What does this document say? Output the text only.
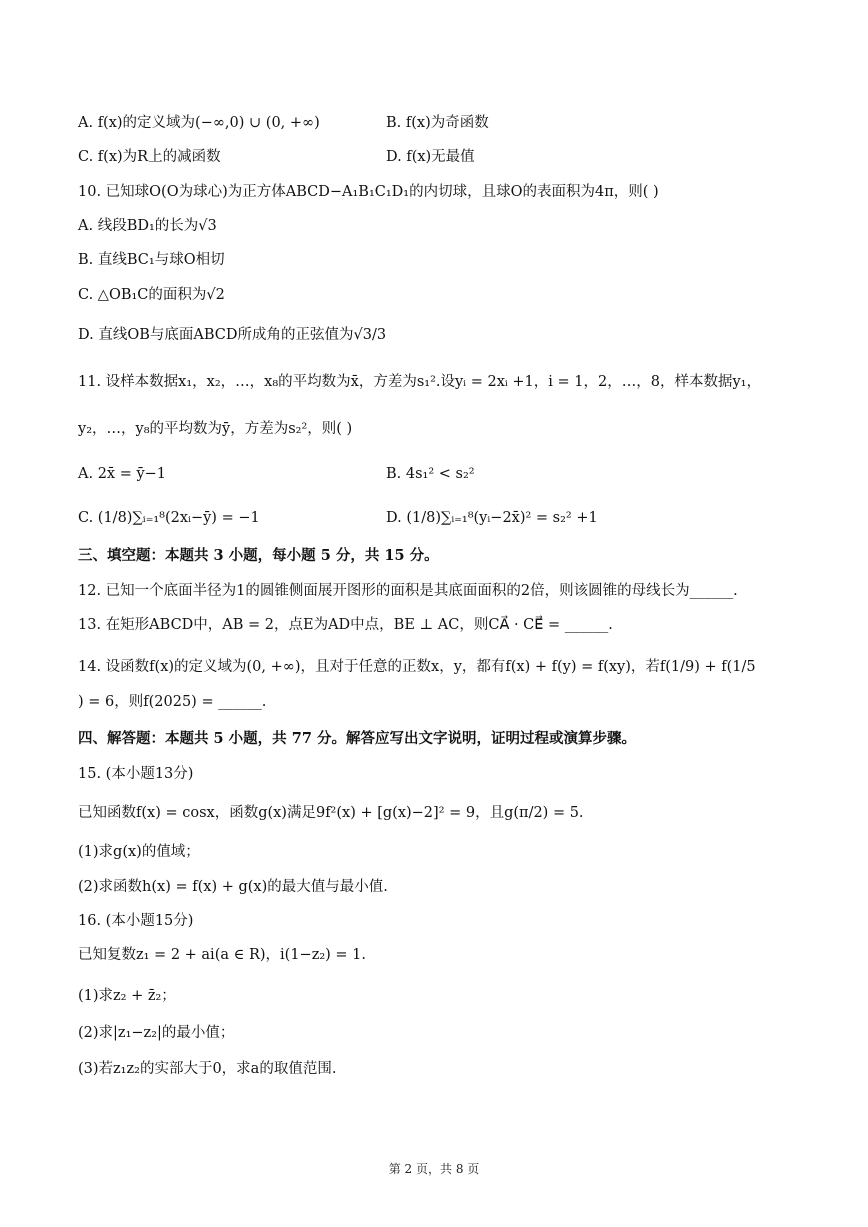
A. f(x)的定义域为(−∞,0) ∪ (0, +∞)	B. f(x)为奇函数
C. f(x)为R上的减函数	D. f(x)无最值
10. 已知球O(O为球心)为正方体ABCD−A₁B₁C₁D₁的内切球，且球O的表面积为4π，则( )
A. 线段BD₁的长为√3
B. 直线BC₁与球O相切
C. △OB₁C的面积为√2
D. 直线OB与底面ABCD所成角的正弦值为√3/3
11. 设样本数据x₁，x₂，…，x₈的平均数为x̄，方差为s₁².设yᵢ = 2xᵢ +1，i = 1，2，…，8，样本数据y₁，
y₂，…，y₈的平均数为ȳ，方差为s₂²，则( )
A. 2x̄ = ȳ−1	B. 4s₁² < s₂²
C. (1/8)∑ᵢ₌₁⁸(2xᵢ−ȳ) = −1	D. (1/8)∑ᵢ₌₁⁸(yᵢ−2x̄)² = s₂² +1
三、填空题：本题共 3 小题，每小题 5 分，共 15 分。
12. 已知一个底面半径为1的圆锥侧面展开图形的面积是其底面面积的2倍，则该圆锥的母线长为______.
13. 在矩形ABCD中，AB = 2，点E为AD中点，BE ⊥ AC，则CA⃗ · CE⃗ = ______.
14. 设函数f(x)的定义域为(0, +∞)，且对于任意的正数x，y，都有f(x) + f(y) = f(xy)，若f(1/9) + f(1/5
) = 6，则f(2025) = ______.
四、解答题：本题共 5 小题，共 77 分。解答应写出文字说明，证明过程或演算步骤。
15. (本小题13分)
已知函数f(x) = cosx，函数g(x)满足9f²(x) + [g(x)−2]² = 9，且g(π/2) = 5.
(1)求g(x)的值域；
(2)求函数h(x) = f(x) + g(x)的最大值与最小值.
16. (本小题15分)
已知复数z₁ = 2 + ai(a ∈ R)，i(1−z₂) = 1.
(1)求z₂ + z̄₂；
(2)求|z₁−z₂|的最小值；
(3)若z₁z₂的实部大于0，求a的取值范围.
第 2 页，共 8 页
